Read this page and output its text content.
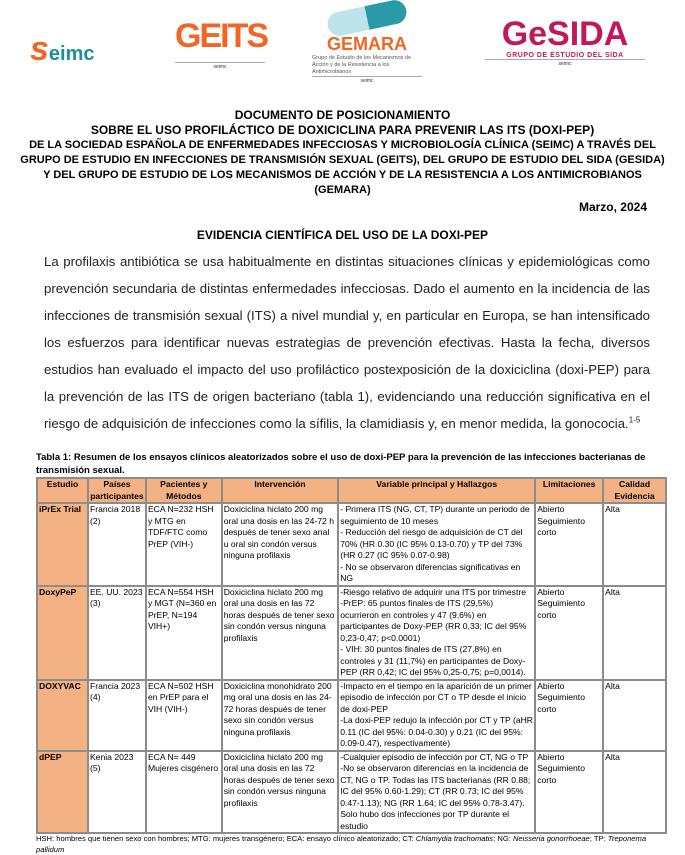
seimc GEITS
seimc
GEMARA
Grupo de Estudio de los Mecanismos de Acción y de la Resistencia a los Antimicrobianos
seimc
GeSIDA
GRUPO DE ESTUDIO DEL SIDA
seimc
DOCUMENTO DE POSICIONAMIENTO
SOBRE EL USO PROFILÁCTICO DE DOXICICLINA PARA PREVENIR LAS ITS (DOXI-PEP)
DE LA SOCIEDAD ESPAÑOLA DE ENFERMEDADES INFECCIOSAS Y MICROBIOLOGÍA CLÍNICA (SEIMC) A TRAVÉS DEL GRUPO DE ESTUDIO EN INFECCIONES DE TRANSMISIÓN SEXUAL (GEITS), DEL GRUPO DE ESTUDIO DEL SIDA (GESIDA) Y DEL GRUPO DE ESTUDIO DE LOS MECANISMOS DE ACCIÓN Y DE LA RESISTENCIA A LOS ANTIMICROBIANOS (GEMARA)
Marzo, 2024
EVIDENCIA CIENTÍFICA DEL USO DE LA DOXI-PEP
La profilaxis antibiótica se usa habitualmente en distintas situaciones clínicas y epidemiológicas como prevención secundaria de distintas enfermedades infecciosas. Dado el aumento en la incidencia de las infecciones de transmisión sexual (ITS) a nivel mundial y, en particular en Europa, se han intensificado los esfuerzos para identificar nuevas estrategias de prevención efectivas. Hasta la fecha, diversos estudios han evaluado el impacto del uso profiláctico postexposición de la doxiciclina (doxi-PEP) para la prevención de las ITS de origen bacteriano (tabla 1), evidenciando una reducción significativa en el riesgo de adquisición de infecciones como la sífilis, la clamidiasis y, en menor medida, la gonococia.$^{1-5}$
Tabla 1: Resumen de los ensayos clínicos aleatorizados sobre el uso de doxi-PEP para la prevención de las infecciones bacterianas de transmisión sexual.
Estudio	Países participantes	Pacientes y Métodos	Intervención	Variable principal y Hallazgos	Limitaciones	Calidad Evidencia
iPrEx Trial	Francia 2018 (2)	ECA N=232 HSH y MTG en TDF/FTC como PrEP (VIH-)	Doxiciclina hiclato 200 mg oral una dosis en las 24-72 h después de tener sexo anal u oral sin condón versus ninguna profilaxis	- Primera ITS (NG, CT, TP) durante un periodo de seguimiento de 10 meses
- Reducción del riesgo de adquisición de CT del 70% (HR 0.30 (IC 95% 0.13-0.70) y TP del 73% (HR 0.27 (IC 95% 0.07-0.98)
- No se observaron diferencias significativas en NG	Abierto
Seguimiento corto	Alta
DoxyPeP	EE. UU. 2023 (3)	ECA N=554 HSH y MGT (N=360 en PrEP, N=194 VIH+)	Doxiciclina hiclato 200 mg oral una dosis en las 72 horas después de tener sexo sin condón versus ninguna profilaxis	-Riesgo relativo de adquirir una ITS por trimestre
-PrEP: 65 puntos finales de ITS (29,5%) ocurrieron en controles y 47 (9,6%) en participantes de Doxy-PEP (RR 0,33; IC del 95% 0,23-0,47; p<0.0001)
- VIH: 30 puntos finales de ITS (27,8%) en controles y 31 (11,7%) en participantes de Doxy-PEP (RR 0,42; IC del 95% 0,25-0,75; p=0,0014).	Abierto
Seguimiento corto	Alta
DOXYVAC	Francia 2023 (4)	ECA N=502 HSH en PrEP para el VIH (VIH-)	Doxiciclina monohidrato 200 mg oral una dosis en las 24-72 horas después de tener sexo sin condón versus ninguna profilaxis	-Impacto en el tiempo en la aparición de un primer episodio de infección por CT o TP desde el inicio de doxi-PEP
-La doxi-PEP redujo la infección por CT y TP (aHR 0.11 (IC del 95%: 0.04-0.30) y 0.21 (IC del 95%: 0.09-0.47), respectivamente)	Abierto
Seguimiento corto	Alta
dPEP	Kenia 2023 (5)	ECA N= 449 Mujeres cisgénero	Doxiciclina hiclato 200 mg oral una dosis en las 72 horas después de tener sexo sin condón versus ninguna profilaxis	-Cualquier episodio de infección por CT, NG o TP
-No se observaron diferencias en la incidencia de CT, NG o TP. Todas las ITS bacterianas (RR 0.88; IC del 95% 0.60-1.29); CT (RR 0.73; IC del 95% 0.47-1.13); NG (RR 1.64; IC del 95% 0.78-3.47). Solo hubo dos infecciones por TP durante el estudio	Abierto
Seguimiento corto	Alta
HSH: hombres que tienen sexo con hombres; MTG: mujeres transgénero; ECA: ensayo clínico aleatorizado; CT: Chlamydia trachomatis; NG: Neisseria gonorrhoeae; TP: Treponema pallidum
